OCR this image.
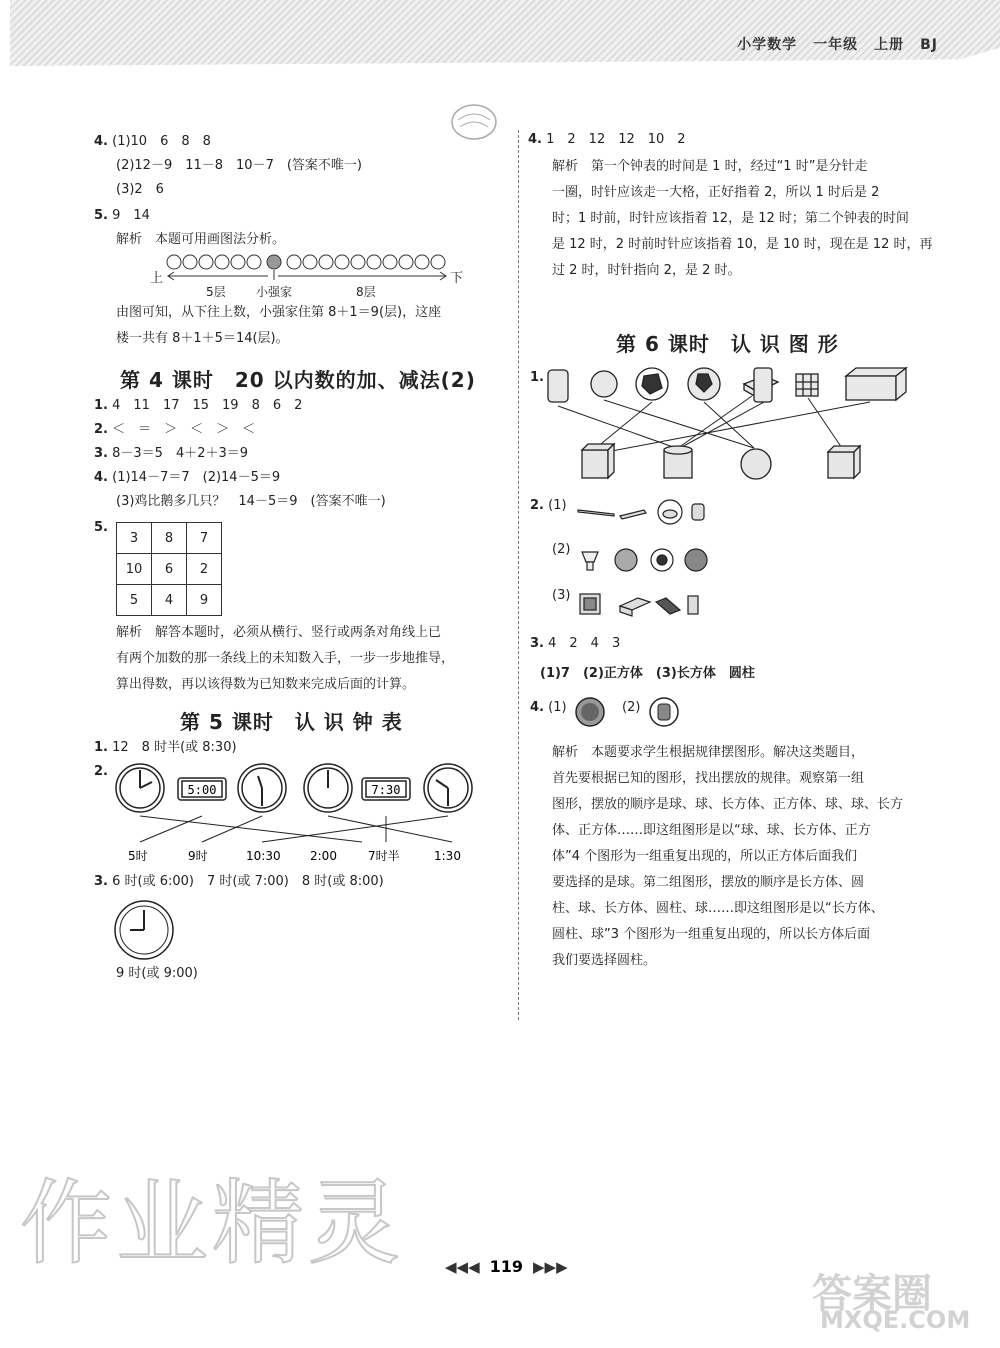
小学数学 一年级 上册 BJ
4. (1)10　6　8　8
(2)12－9　11－8　10－7　(答案不唯一)
(3)2　6
5. 9　14
解析　 本题可用画图法分析。
上	下
5层	小强家	8层
由图可知，从下往上数，小强家住第 8＋1＝9(层)，这座
楼一共有 8＋1＋5＝14(层)。
第 4 课时　20 以内数的加、减法(2)
1. 4　11　17　15　19　8　6　2
2. ＜　＝　＞　＜　＞　＜
3. 8－3＝5　4＋2＋3＝9
4. (1)14－7＝7　(2)14－5＝9
(3)鸡比鹅多几只？　14－5＝9　(答案不唯一)
5.
3	8	7
10	6	2
5	4	9
解析　 解答本题时，必须从横行、竖行或两条对角线上已
有两个加数的那一条线上的未知数入手，一步一步地推导，
算出得数，再以该得数为已知数来完成后面的计算。
第 5 课时　认 识 钟 表
1. 12　8 时半(或 8:30)
2.
5:00	7:30
5时	9时	10:30 2:00	7时半	1:30
3. 6 时(或 6:00)　7 时(或 7:00)　8 时(或 8:00)
9 时(或 9:00)
4. 1　2　12　12　10　2
解析　 第一个钟表的时间是 1 时，经过“1 时”是分针走
一圈，时针应该走一大格，正好指着 2，所以 1 时后是 2
时；1 时前，时针应该指着 12，是 12 时；第二个钟表的时间
是 12 时，2 时前时针应该指着 10，是 10 时，现在是 12 时，再
过 2 时，时针指向 2，是 2 时。
第 6 课时　认 识 图 形
1.
2. (1)
(2)
(3)
3. 4　2　4　3
(1)7　(2)正方体　(3)长方体　圆柱
4. (1)	(2)
解析　 本题要求学生根据规律摆图形。解决这类题目，
首先要根据已知的图形，找出摆放的规律。观察第一组
图形，摆放的顺序是球、球、长方体、正方体、球、球、长方
体、正方体……即这组图形是以“球、球、长方体、正方
体”4 个图形为一组重复出现的，所以正方体后面我们
要选择的是球。第二组图形，摆放的顺序是长方体、圆
柱、球、长方体、圆柱、球……即这组图形是以“长方体、
圆柱、球”3 个图形为一组重复出现的，所以长方体后面
我们要选择圆柱。
作业精灵
答案圈
MXQE.COM
◀◀◀ 119 ▶▶▶
